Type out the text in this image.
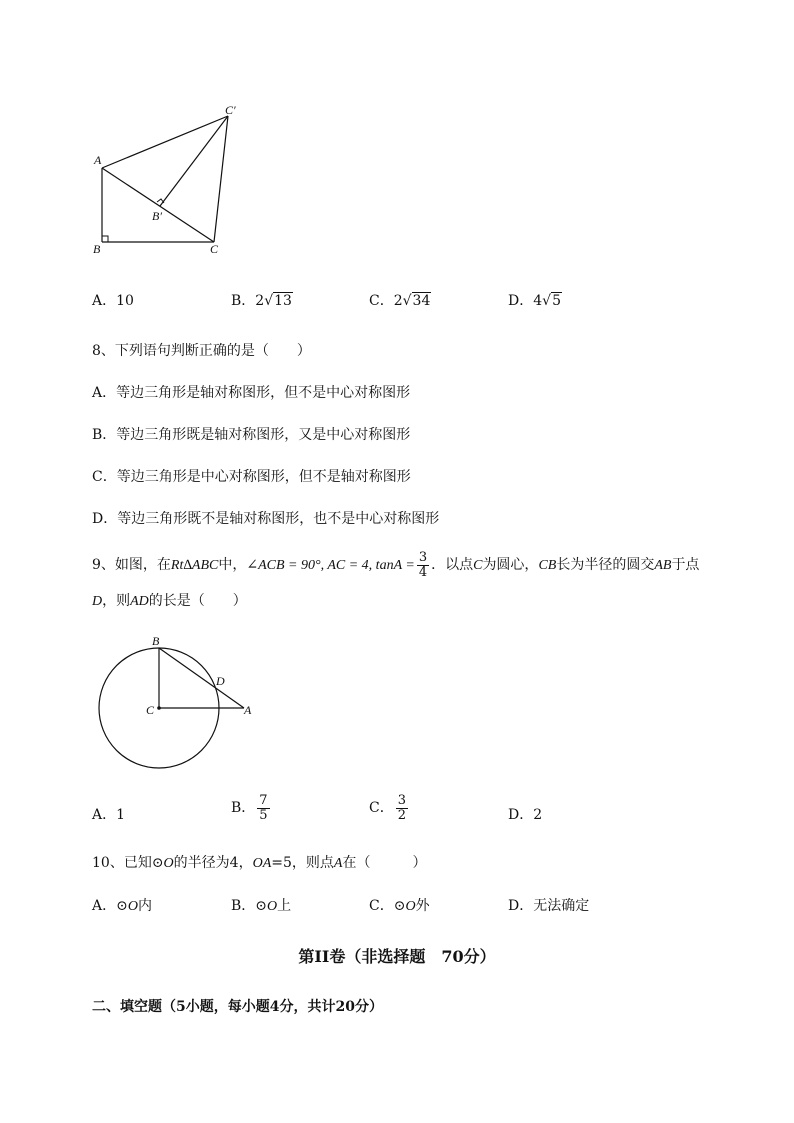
A
B	C
B′
C′
A．10	B．2√13	C．2√34	D．4√5
8、下列语句判断正确的是（　　）
A．等边三角形是轴对称图形，但不是中心对称图形
B．等边三角形既是轴对称图形，又是中心对称图形
C．等边三角形是中心对称图形，但不是轴对称图形
D．等边三角形既不是轴对称图形，也不是中心对称图形
9、如图，在Rt∆ABC中，∠ACB = 90°, AC = 4, $\tan A = \frac{3}{4}$ ．以点C为圆心，CB长为半径的圆交AB于点
D，则AD的长是（　　）
B
C	A
D
A．1	B． $\frac{7}{5}$	C． $\frac{3}{2}$	D．2
10、已知⊙O的半径为4，OA=5，则点A在（　　　）
A．⊙O内	B．⊙O上	C．⊙O外	D．无法确定
第II卷（非选择题　70分）
二、填空题（5小题，每小题4分，共计20分）
